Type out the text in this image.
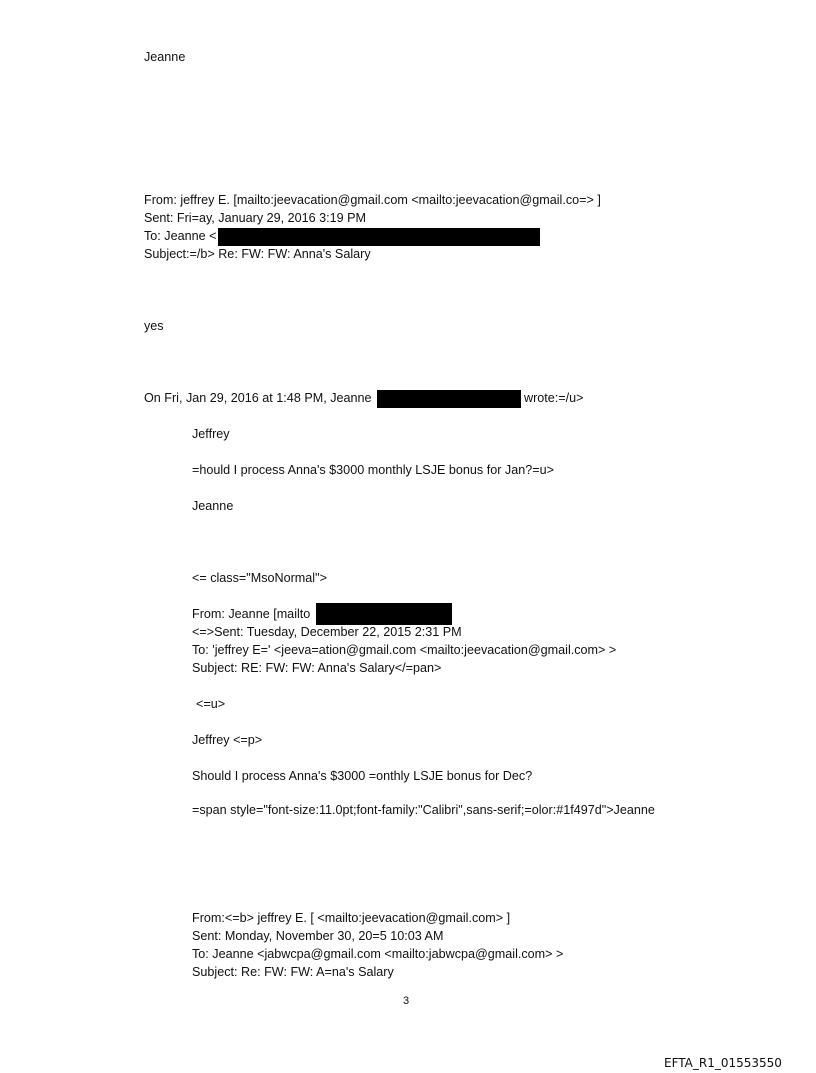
Jeanne
From: jeffrey E. [mailto:jeevacation@gmail.com <mailto:jeevacation@gmail.co=> ]
Sent: Fri=ay, January 29, 2016 3:19 PM
To: Jeanne <
Subject:=/b> Re: FW: FW: Anna's Salary
yes
On Fri, Jan 29, 2016 at 1:48 PM, Jeanne	wrote:=/u>
Jeffrey
=hould I process Anna's $3000 monthly LSJE bonus for Jan?=u>
Jeanne
<= class="MsoNormal">
From: Jeanne [mailto
<=>Sent: Tuesday, December 22, 2015 2:31 PM
To: 'jeffrey E=' <jeeva=ation@gmail.com <mailto:jeevacation@gmail.com> >
Subject: RE: FW: FW: Anna's Salary</=pan>
<=u>
Jeffrey <=p>
Should I process Anna's $3000 =onthly LSJE bonus for Dec?
=span style="font-size:11.0pt;font-family:"Calibri",sans-serif;=olor:#1f497d">Jeanne
From:<=b> jeffrey E. [ <mailto:jeevacation@gmail.com> ]
Sent: Monday, November 30, 20=5 10:03 AM
To: Jeanne <jabwcpa@gmail.com <mailto:jabwcpa@gmail.com> >
Subject: Re: FW: FW: A=na's Salary
3
EFTA_R1_01553550
